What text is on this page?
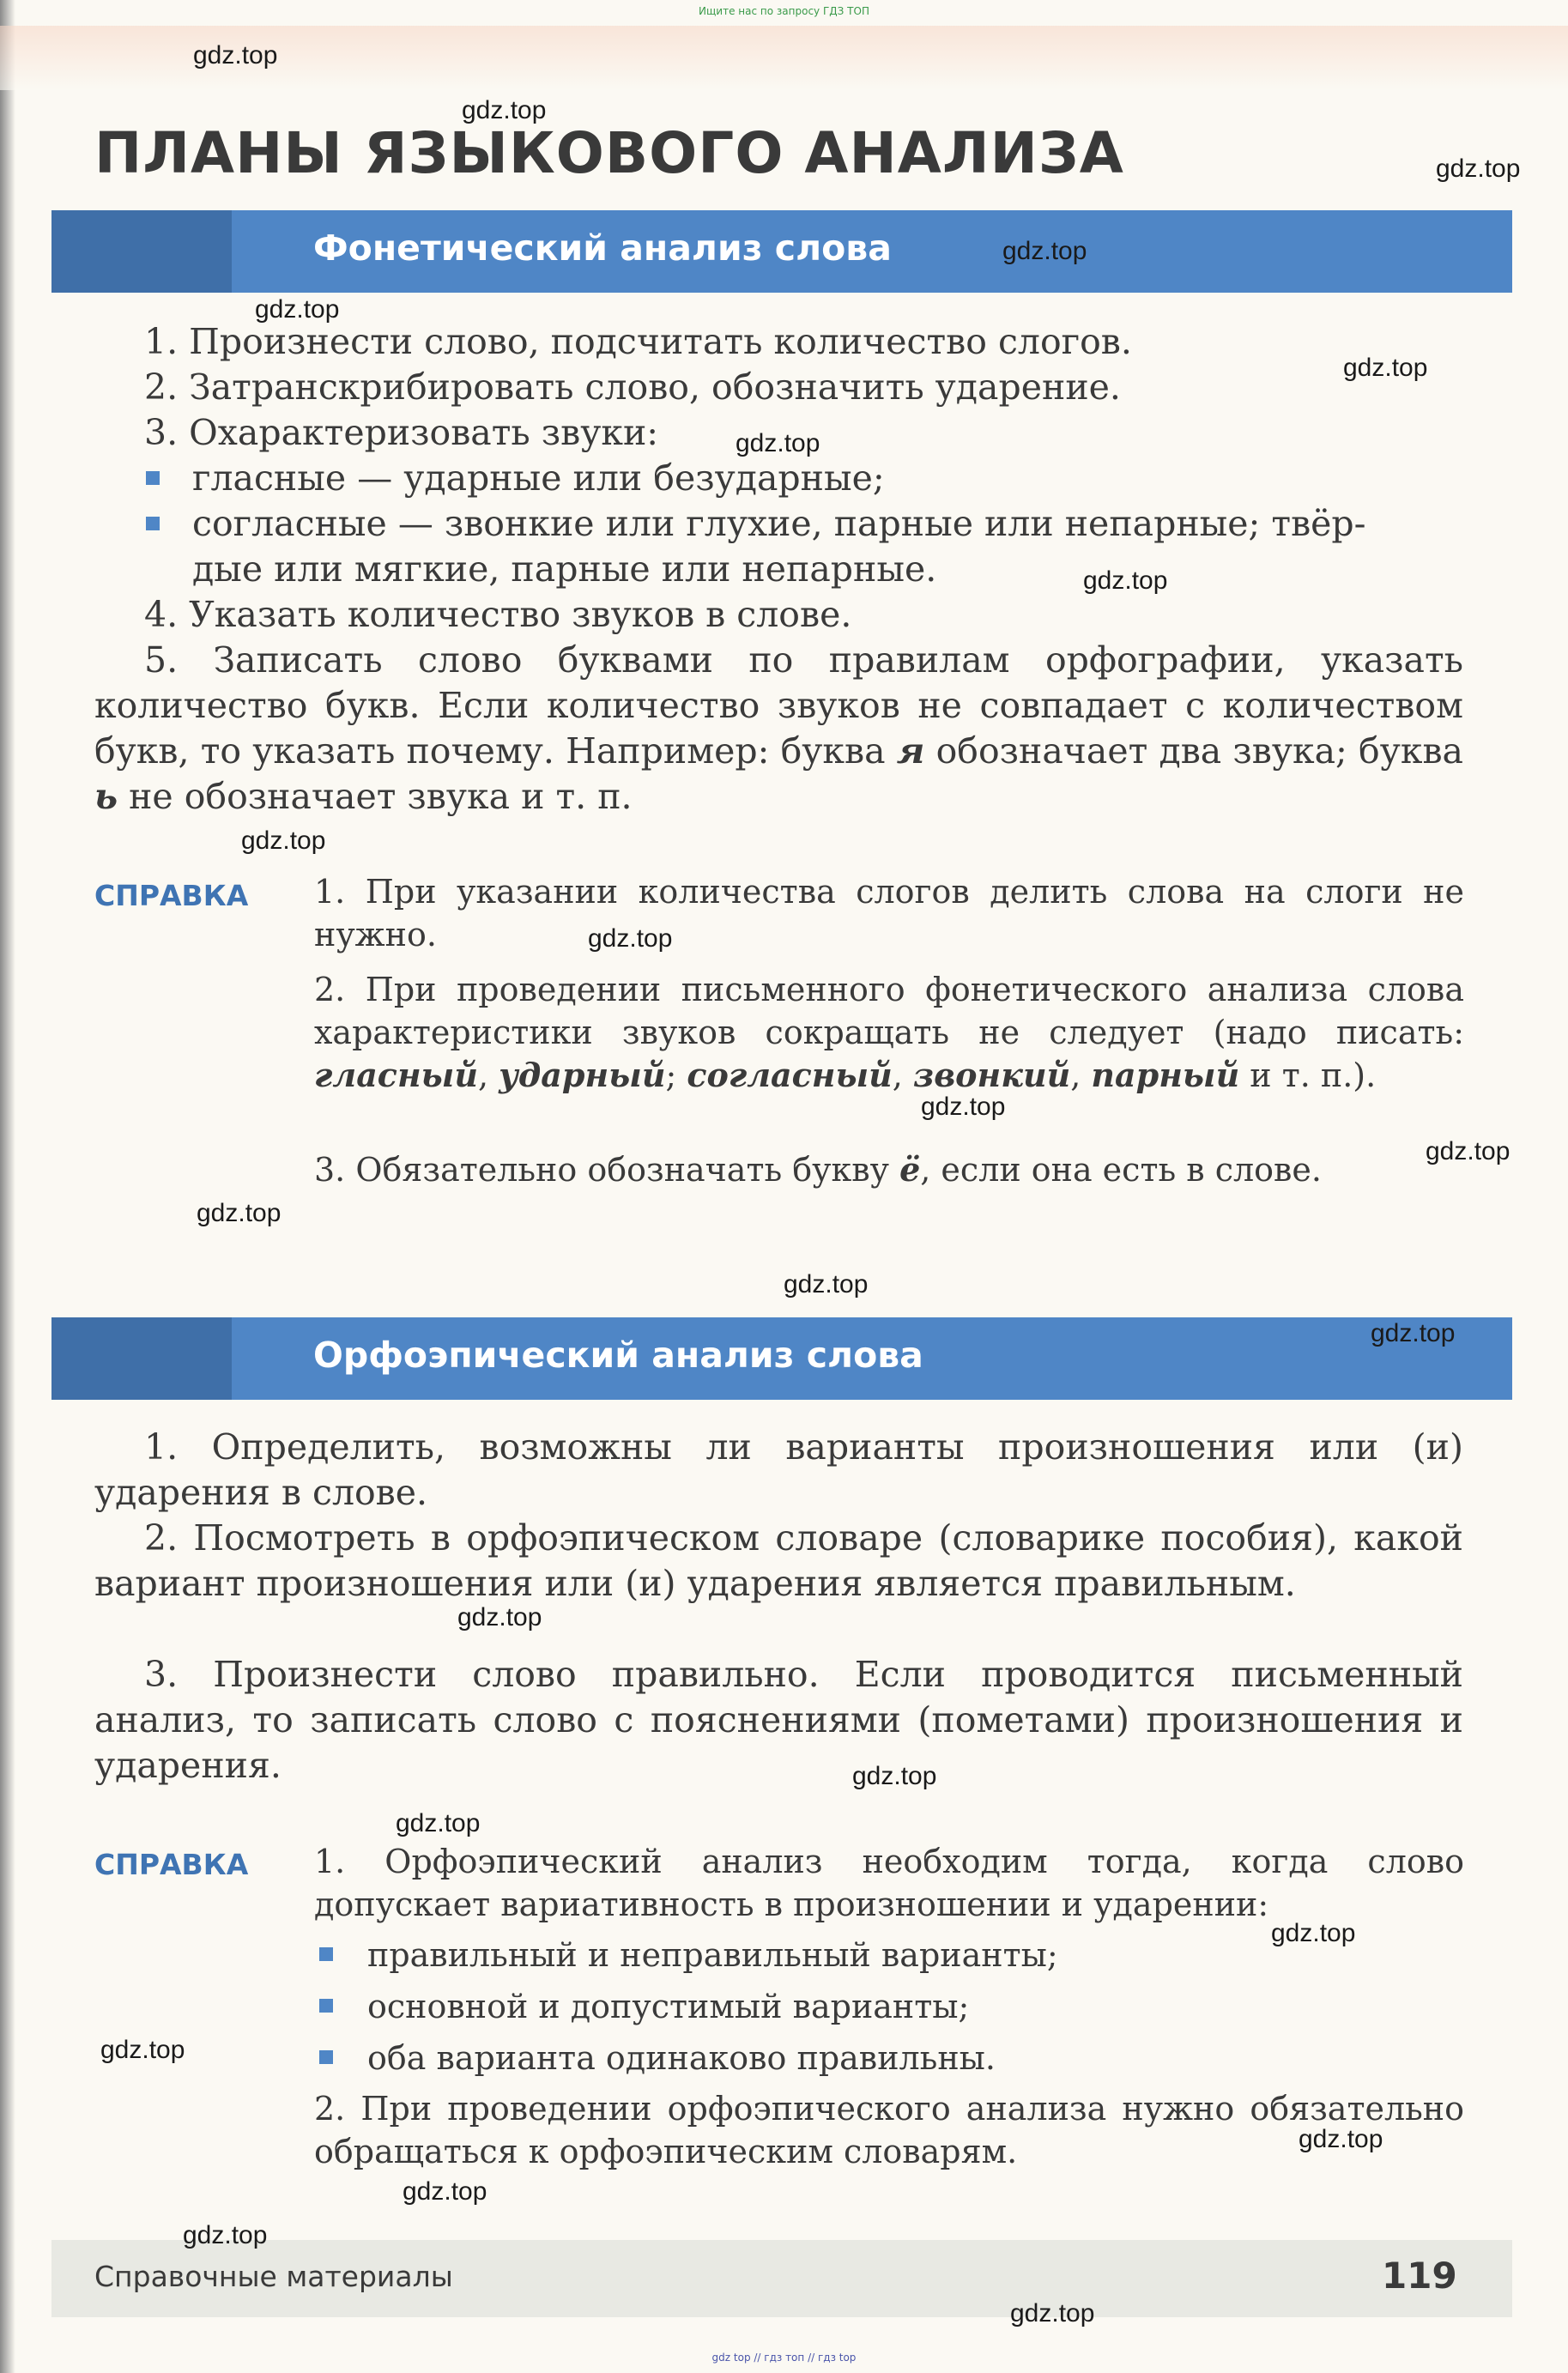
Ищите нас по запросу ГДЗ ТОП
ПЛАНЫ ЯЗЫКОВОГО АНАЛИЗА
Фонетический анализ слова

1. Произнести слово, подсчитать количество слогов.

2. Затранскрибировать слово, обозначить ударение.

3. Охарактеризовать звуки:

гласные — ударные или безударные;
согласные — звонкие или глухие, парные или непарные; твёр-
дые или мягкие, парные или непарные.

4. Указать количество звуков в слове.

5. Записать слово буквами по правилам орфографии, указать количество букв. Если количество звуков не совпадает с количеством букв, то указать почему. Например: буква я обозначает два звука; буква ь не обозначает звука и т. п.

СПРАВКА 1. При указании количества слогов делить слова на слоги не нужно.

2. При проведении письменного фонетического анализа слова характеристики звуков сокращать не следует (надо писать: гласный, ударный; согласный, звонкий, парный и т. п.).

3. Обязательно обозначать букву ё, если она есть в слове.

Орфоэпический анализ слова

1. Определить, возможны ли варианты произношения или (и) ударения в слове.

2. Посмотреть в орфоэпическом словаре (словарике пособия), какой вариант произношения или (и) ударения является правильным.

3. Произнести слово правильно. Если проводится письменный анализ, то записать слово с пояснениями (пометами) произношения и ударения.

СПРАВКА 1. Орфоэпический анализ необходим тогда, когда слово допускает вариативность в произношении и ударении:

правильный и неправильный варианты;
основной и допустимый варианты;
оба варианта одинаково правильны.

2. При проведении орфоэпического анализа нужно обязательно обращаться к орфоэпическим словарям.

Справочные материалы	119
gdz top // гдз топ // гдз top
gdz.top
gdz.top
gdz.top
gdz.top
gdz.top
gdz.top
gdz.top
gdz.top
gdz.top
gdz.top
gdz.top
gdz.top
gdz.top
gdz.top
gdz.top
gdz.top
gdz.top
gdz.top
gdz.top
gdz.top
gdz.top
gdz.top
gdz.top
gdz.top
